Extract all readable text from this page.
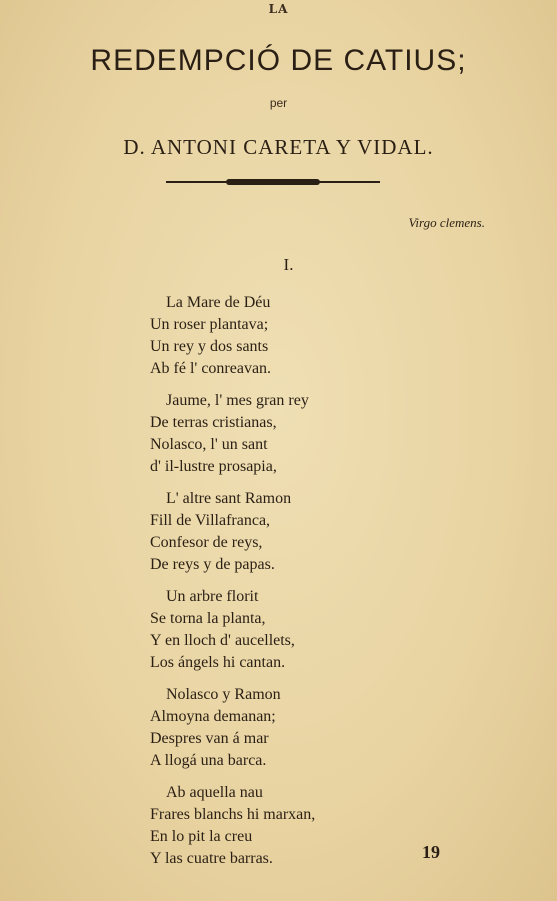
LA
REDEMPCIÓ DE CATIUS;
per
D. ANTONI CARETA Y VIDAL.
Virgo clemens.
I.
La Mare de Déu
Un roser plantava;
Un rey y dos sants
Ab fé l' conreavan.
Jaume, l' mes gran rey
De terras cristianas,
Nolasco, l' un sant
d' il-lustre prosapia,
L' altre sant Ramon
Fill de Villafranca,
Confesor de reys,
De reys y de papas.
Un arbre florit
Se torna la planta,
Y en lloch d' aucellets,
Los ángels hi cantan.
Nolasco y Ramon
Almoyna demanan;
Despres van á mar
A llogá una barca.
Ab aquella nau
Frares blanchs hi marxan,
En lo pit la creu
Y las cuatre barras.	19
